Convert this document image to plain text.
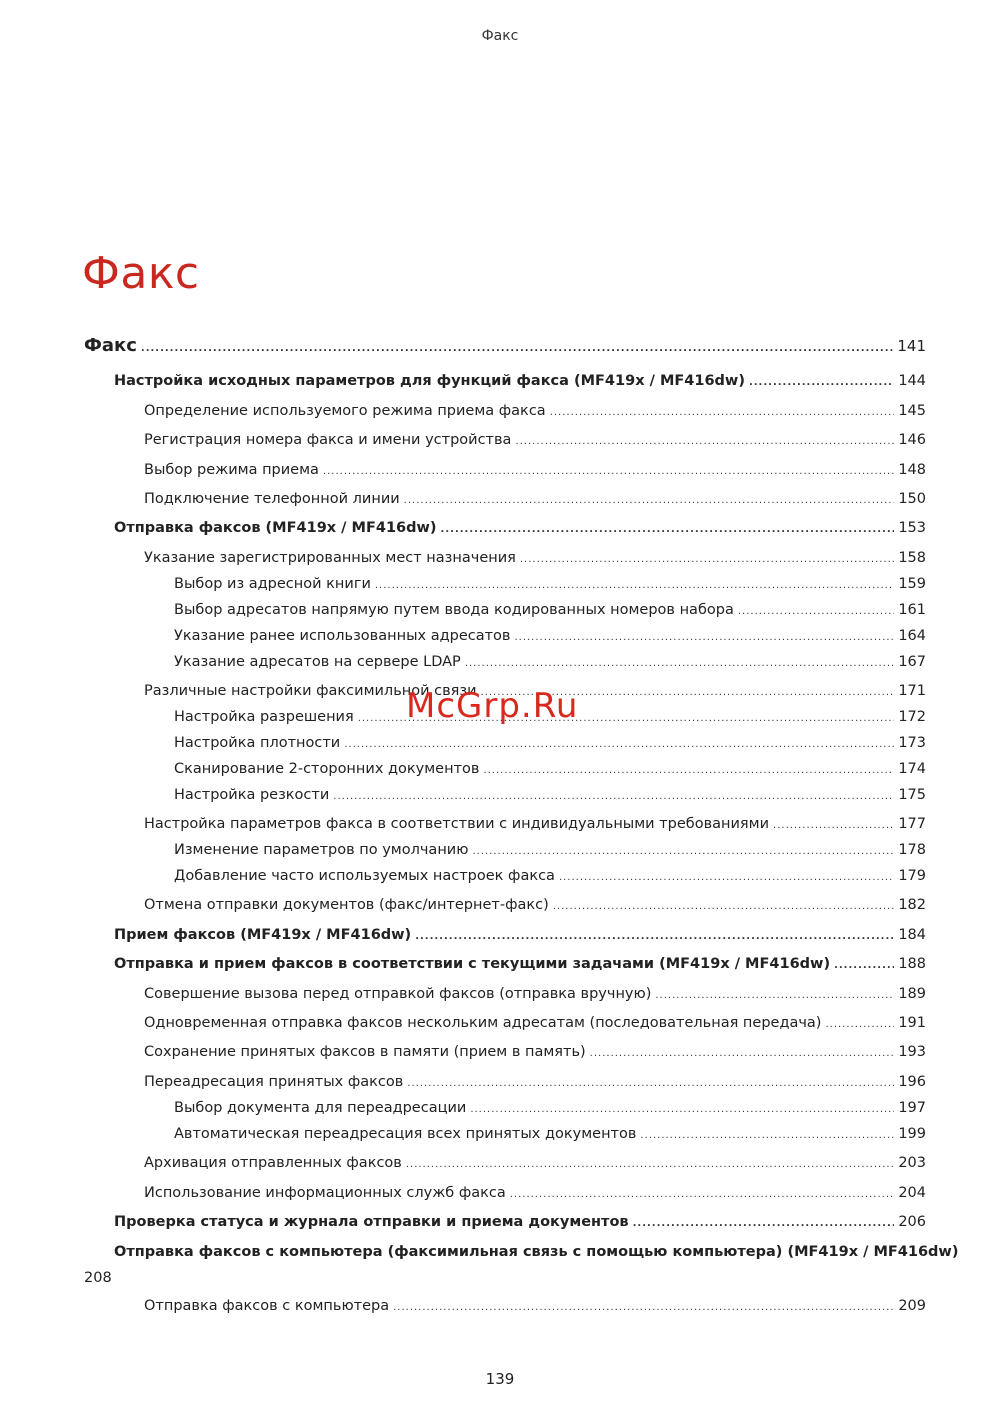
Факс
Факс
Факс .....	141
Настройка исходных параметров для функций факса (MF419x / MF416dw) .....	144
Определение используемого режима приема факса .....	145
Регистрация номера факса и имени устройства .....	146
Выбор режима приема .....	148
Подключение телефонной линии .....	150
Отправка факсов (MF419x / MF416dw) .....	153
Указание зарегистрированных мест назначения .....	158
Выбор из адресной книги .....	159
Выбор адресатов напрямую путем ввода кодированных номеров набора .....	161
Указание ранее использованных адресатов .....	164
Указание адресатов на сервере LDAP .....	167
Различные настройки факсимильной связи .....	171
Настройка разрешения .....	172
Настройка плотности .....	173
Сканирование 2-сторонних документов .....	174
Настройка резкости .....	175
Настройка параметров факса в соответствии с индивидуальными требованиями .....	177
Изменение параметров по умолчанию .....	178
Добавление часто используемых настроек факса .....	179
Отмена отправки документов (факс/интернет-факс) .....	182
Прием факсов (MF419x / MF416dw) .....	184
Отправка и прием факсов в соответствии с текущими задачами (MF419x / MF416dw) .....	188
Совершение вызова перед отправкой факсов (отправка вручную) .....	189
Одновременная отправка факсов нескольким адресатам (последовательная передача) .....	191
Сохранение принятых факсов в памяти (прием в память) .....	193
Переадресация принятых факсов .....	196
Выбор документа для переадресации .....	197
Автоматическая переадресация всех принятых документов .....	199
Архивация отправленных факсов .....	203
Использование информационных служб факса .....	204
Проверка статуса и журнала отправки и приема документов .....	206
Отправка факсов с компьютера (факсимильная связь с помощью компьютера) (MF419x / MF416dw)
208
Отправка факсов с компьютера .....	209
McGrp.Ru
139
